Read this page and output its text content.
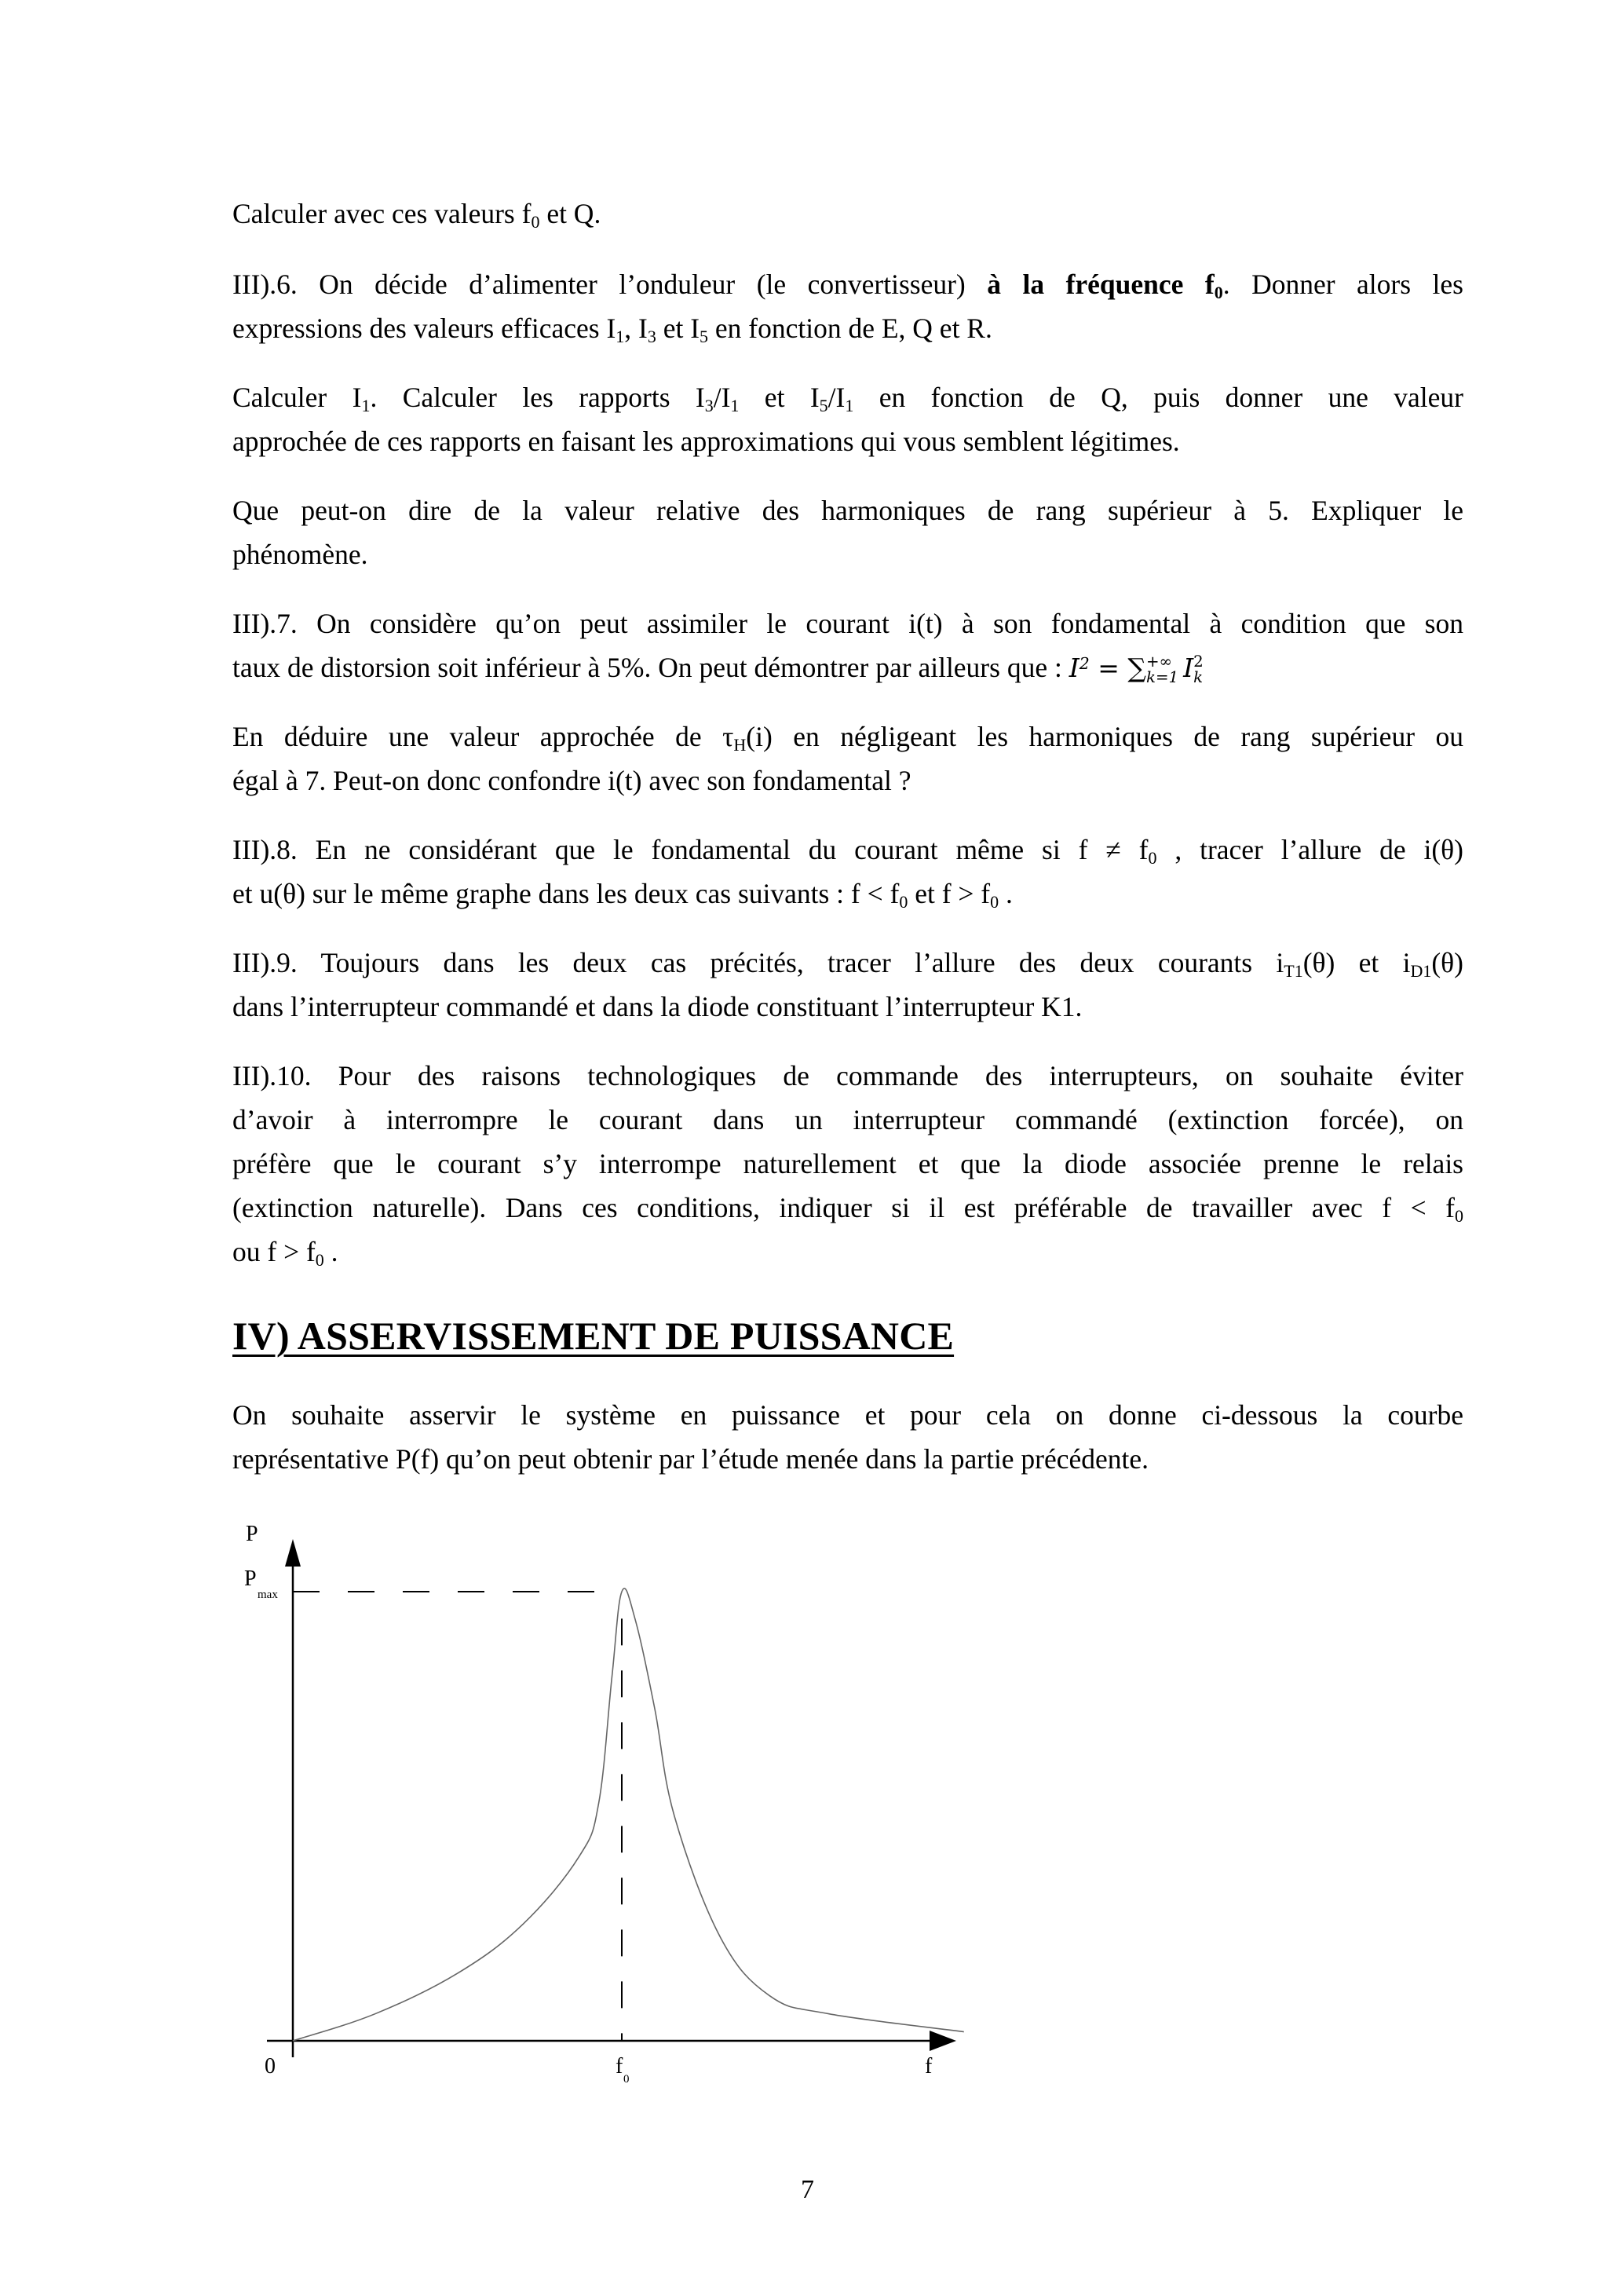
Calculer avec ces valeurs $f_0$ et Q.
III).6. On décide d’alimenter l’onduleur (le convertisseur) à la fréquence $f_0$. Donner alors les
expressions des valeurs efficaces $I_1$, $I_3$ et $I_5$ en fonction de E, Q et R.
Calculer $I_1$. Calculer les rapports $I_3/I_1$ et $I_5/I_1$ en fonction de Q, puis donner une valeur
approchée de ces rapports en faisant les approximations qui vous semblent légitimes.
Que peut-on dire de la valeur relative des harmoniques de rang supérieur à 5. Expliquer le
phénomène.
III).7. On considère qu’on peut assimiler le courant i(t) à son fondamental à condition que son
taux de distorsion soit inférieur à 5%. On peut démontrer par ailleurs que : $I^2$ = ∑ +∞
k=1 I 2
k
En déduire une valeur approchée de $\tau_H(i)$ en négligeant les harmoniques de rang supérieur ou
égal à 7. Peut-on donc confondre i(t) avec son fondamental ?
III).8. En ne considérant que le fondamental du courant même si $f \ne f_0$ , tracer l’allure de i(θ)
et u(θ) sur le même graphe dans les deux cas suivants : $f < f_0$ et $f > f_0$ .
III).9. Toujours dans les deux cas précités, tracer l’allure des deux courants $i_{T1}(\theta)$ et $i_{D1}(\theta)$
dans l’interrupteur commandé et dans la diode constituant l’interrupteur K1.
III).10. Pour des raisons technologiques de commande des interrupteurs, on souhaite éviter
d’avoir à interrompre le courant dans un interrupteur commandé (extinction forcée), on
préfère que le courant s’y interrompe naturellement et que la diode associée prenne le relais
(extinction naturelle). Dans ces conditions, indiquer si il est préférable de travailler avec $f < f_0$
ou $f > f_0$ .
IV) ASSERVISSEMENT DE PUISSANCE
On souhaite asservir le système en puissance et pour cela on donne ci-dessous la courbe
représentative P(f) qu’on peut obtenir par l’étude menée dans la partie précédente.
P
f
0	f
0
P
max
7
